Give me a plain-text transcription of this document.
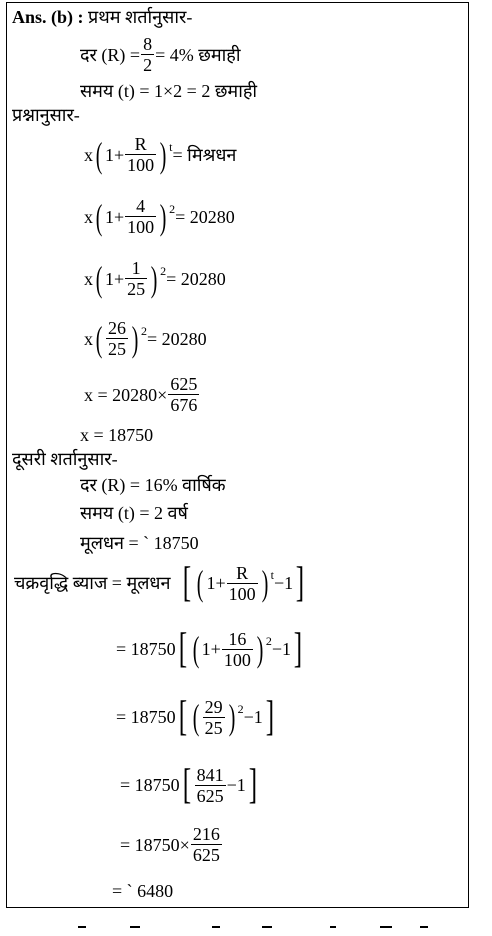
Ans. (b) : प्रथम शर्तानुसार-
दर $(R) = \frac{8}{2} = 4\%$ छमाही
समय (t) = 1×2 = 2 छमाही
प्रश्नानुसार-
x ( $1+ \frac{R}{100}$ ) t = मिश्रधन
x ( $1+ \frac{4}{100}$ ) 2 = 20280
x ( $1+ \frac{1}{25}$ ) 2 = 20280
x ( $\frac{26}{25}$ ) 2 = 20280
$x = 20280\times \frac{625}{676}$
x = 18750
दूसरी शर्तानुसार-
दर (R) = 16% वार्षिक
समय (t) = 2 वर्ष
मूलधन = ` 18750
चक्रवृद्धि ब्याज = मूलधन [ ( $1+ \frac{R}{100}$ ) t −1 ]
= 18750 [ ( $1+ \frac{16}{100}$ ) 2 −1 ]
= 18750 [ ( $\frac{29}{25}$ ) 2 −1 ]
= 18750 [ $\frac{841}{625} -1$ ]
= $18750\times \frac{216}{625}$
= ` 6480
